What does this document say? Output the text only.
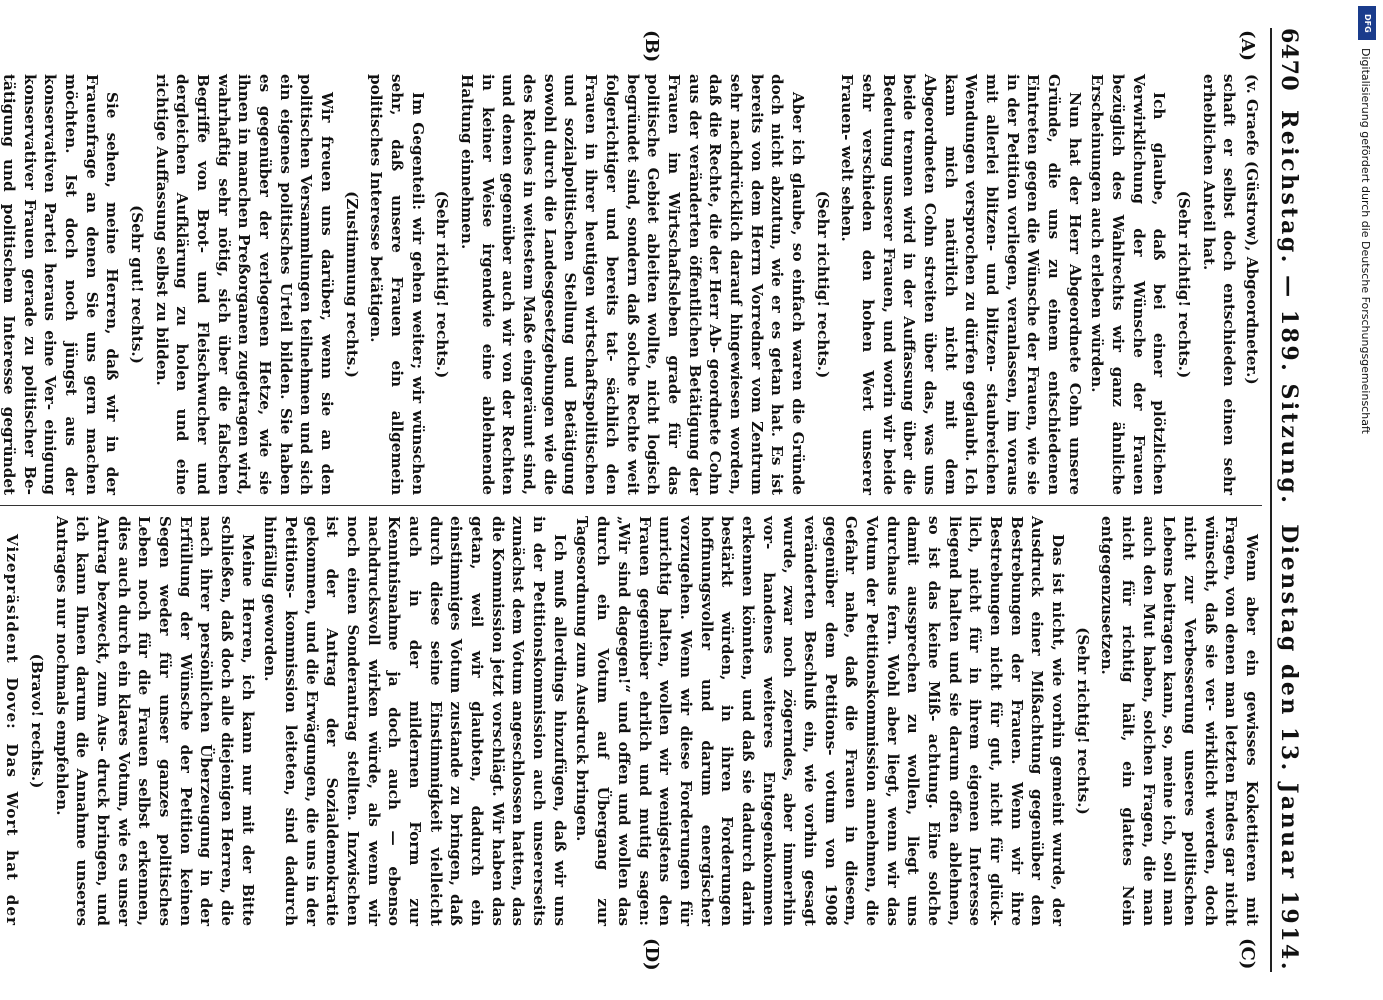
6470
Reichstag. — 189. Sitzung.
Dienstag den 13. Januar 1914.
(A)
(B)

(v. Graefe (Güstrow), Abgeordneter.)

schaft er selbst doch entschieden einen sehr erheblichen Anteil hat.

(Sehr richtig! rechts.)

Ich glaube, daß bei einer plötzlichen Verwirklichung der Wünsche der Frauen bezüglich des Wahlrechts wir ganz ähnliche Erscheinungen auch erleben würden.

Nun hat der Herr Abgeordnete Cohn unsere Gründe, die uns zu einem entschiedenen Eintreten gegen die Wünsche der Frauen, wie sie in der Petition vorliegen, veranlassen, im voraus mit allerlei blitzen- und blitzen- staubreichen Wendungen versprochen zu dürfen geglaubt. Ich kann mich natürlich nicht mit dem Abgeordneten Cohn streiten über das, was uns beide trennen wird in der Auffassung über die Bedeutung unserer Frauen, und worin wir beide sehr verschieden den hohen Wert unserer Frauen- welt sehen.

(Sehr richtig! rechts.)

Aber ich glaube, so einfach waren die Gründe doch nicht abzutun, wie er es getan hat. Es ist bereits von dem Herrn Vorredner vom Zentrum sehr nachdrücklich darauf hingewiesen worden, daß die Rechte, die der Herr Ab- geordnete Cohn aus der veränderten öffentlichen Betätigung der Frauen im Wirtschaftsleben grade für das politische Gebiet ableiten wollte, nicht logisch begründet sind, sondern daß solche Rechte weit folgerichtiger und bereits tat- sächlich den Frauen in ihrer heutigen wirtschaftspolitischen und sozialpolitischen Stellung und Betätigung sowohl durch die Landesgesetzgebungen wie die des Reiches in weitestem Maße eingeräumt sind, und denen gegenüber auch wir von der Rechten in keiner Weise irgendwie eine ablehnende Haltung einnehmen.

(Sehr richtig! rechts.)

Im Gegenteil: wir gehen weiter; wir wünschen sehr, daß unsere Frauen ein allgemein politisches Interesse betätigen.

(Zustimmung rechts.)

Wir freuen uns darüber, wenn sie an den politischen Versammlungen teilnehmen und sich ein eigenes politisches Urteil bilden. Sie haben es gegenüber der verlogenen Hetze, wie sie ihnen in manchen Preßorganen zugetragen wird, wahrhaftig sehr nötig, sich über die falschen Begriffe von Brot- und Fleischwucher und dergleichen Aufklärung zu holen und eine richtige Auffassung selbst zu bilden.

(Sehr gut! rechts.)

Sie sehen, meine Herren, daß wir in der Frauenfrage an denen Sie uns gern machen möchten. Ist doch noch jüngst aus der konservativen Partei heraus eine Ver- einigung konservativer Frauen gerade zu politischer Be- tätigung und politischem Interesse gegründet

Wenn aber ein gewisses Kokettieren mit Fragen, von denen man letzten Endes gar nicht wünscht, daß sie ver- wirklicht werden, doch nicht zur Verbesserung unseres politischen Lebens beitragen kann, so, meine ich, soll man auch den Mut haben, solchen Fragen, die man nicht für richtig hält, ein glattes Nein entgegenzusetzen.

(Sehr richtig! rechts.)

Das ist nicht, wie vorhin gemeint wurde, der Ausdruck einer Mißachtung gegenüber den Bestrebungen der Frauen. Wenn wir ihre Bestrebungen nicht für gut, nicht für glück- lich, nicht für in ihrem eigenen Interesse liegend halten und sie darum offen ablehnen, so ist das keine Miß- achtung. Eine solche damit aussprechen zu wollen, liegt uns durchaus fern. Wohl aber liegt, wenn wir das Votum der Petitionskommission annehmen, die Gefahr nahe, daß die Frauen in diesem, gegenüber dem Petitions- votum von 1908 veränderten Beschluß ein, wie vorhin gesagt wurde, zwar noch zögerndes, aber immerhin vor- handenes weiteres Entgegenkommen erkennen könnten, und daß sie dadurch darin bestärkt würden, in ihren Forderungen hoffnungsvoller und darum energischer vorzugehen. Wenn wir diese Forderungen für unrichtig halten, wollen wir wenigstens den Frauen gegenüber ehrlich und mutig sagen: „Wir sind dagegen!“ und offen und wollen das durch ein Votum auf Übergang zur Tagesordnung zum Ausdruck bringen.

Ich muß allerdings hinzufügen, daß wir uns in der Petitionskommission auch unsererseits zunächst dem Votum angeschlossen hatten, das die Kommission jetzt vorschlägt. Wir haben das getan, weil wir glaubten, dadurch ein einstimmiges Votum zustande zu bringen, daß durch diese seine Einstimmigkeit vielleicht auch in der mildernen Form zur Kenntnisnahme ja doch auch — ebenso nachdrucksvoll wirken würde, als wenn wir noch einen Sonderantrag stellten. Inzwischen ist der Antrag der Sozialdemokratie gekommen, und die Erwägungen, die uns in der Petitions- kommission leiteten, sind dadurch hinfällig geworden.

Meine Herren, ich kann nur mit der Bitte schließen, daß doch alle diejenigen Herren, die nach ihrer persönlichen Überzeugung in der Erfüllung der Wünsche der Petition keinen Segen weder für unser ganzes politisches Leben noch für die Frauen selbst erkennen, dies auch durch ein klares Votum, wie es unser Antrag bezweckt, zum Aus- druck bringen, und ich kann Ihnen darum die Annahme unseres Antrages nur nochmals empfehlen.

(Bravo! rechts.)

Vizepräsident Dove: Das Wort hat der

(C)
(D)
DFG
Digitalisierung gefördert durch die Deutsche Forschungsgemeinschaft
